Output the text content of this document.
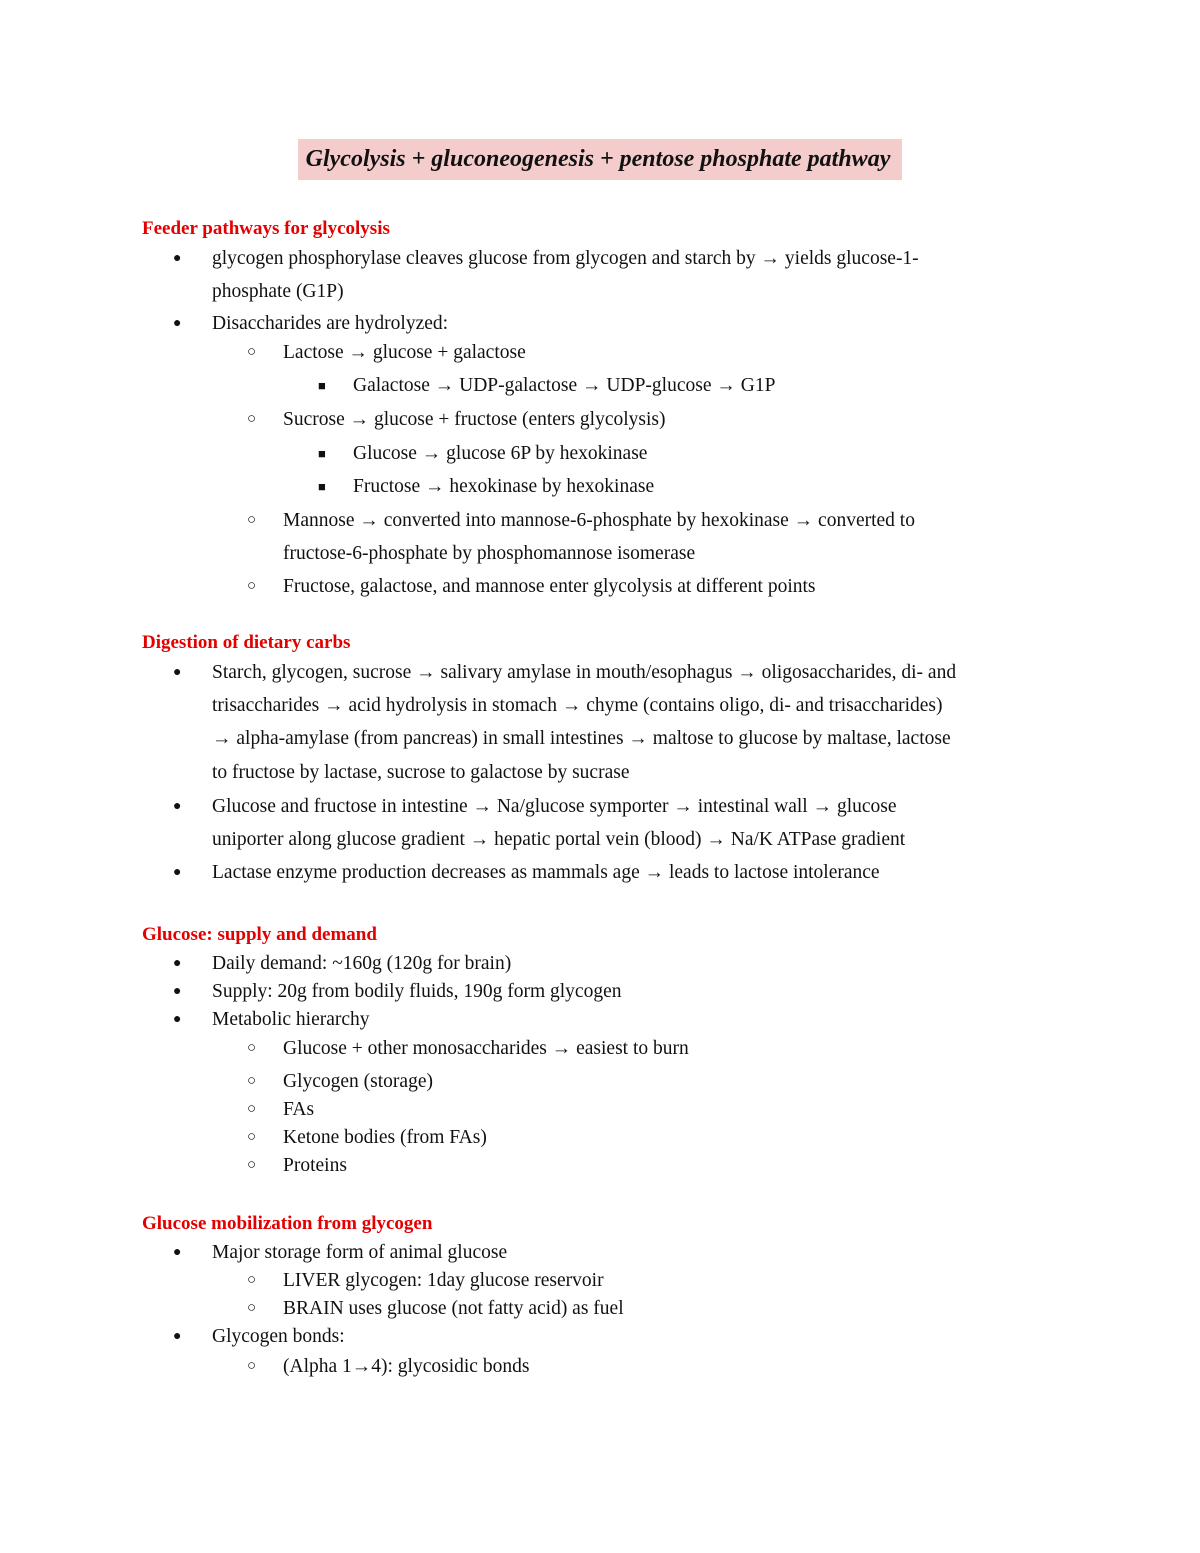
Glycolysis + gluconeogenesis + pentose phosphate pathway
Feeder pathways for glycolysis
● glycogen phosphorylase cleaves glucose from glycogen and starch by → yields glucose-1-
phosphate (G1P)
● Disaccharides are hydrolyzed:
○ Lactose → glucose + galactose
■ Galactose → UDP-galactose → UDP-glucose → G1P
○ Sucrose → glucose + fructose (enters glycolysis)
■ Glucose → glucose 6P by hexokinase
■ Fructose → hexokinase by hexokinase
○ Mannose → converted into mannose-6-phosphate by hexokinase → converted to
fructose-6-phosphate by phosphomannose isomerase
○ Fructose, galactose, and mannose enter glycolysis at different points
Digestion of dietary carbs
● Starch, glycogen, sucrose → salivary amylase in mouth/esophagus → oligosaccharides, di- and
trisaccharides → acid hydrolysis in stomach → chyme (contains oligo, di- and trisaccharides)
→ alpha-amylase (from pancreas) in small intestines → maltose to glucose by maltase, lactose
to fructose by lactase, sucrose to galactose by sucrase
● Glucose and fructose in intestine → Na/glucose symporter → intestinal wall → glucose
uniporter along glucose gradient → hepatic portal vein (blood) → Na/K ATPase gradient
● Lactase enzyme production decreases as mammals age → leads to lactose intolerance
Glucose: supply and demand
● Daily demand: ~160g (120g for brain)
● Supply: 20g from bodily fluids, 190g form glycogen
● Metabolic hierarchy
○ Glucose + other monosaccharides → easiest to burn
○ Glycogen (storage)
○ FAs
○ Ketone bodies (from FAs)
○ Proteins
Glucose mobilization from glycogen
● Major storage form of animal glucose
○ LIVER glycogen: 1day glucose reservoir
○ BRAIN uses glucose (not fatty acid) as fuel
● Glycogen bonds:
○ (Alpha 1→4): glycosidic bonds
